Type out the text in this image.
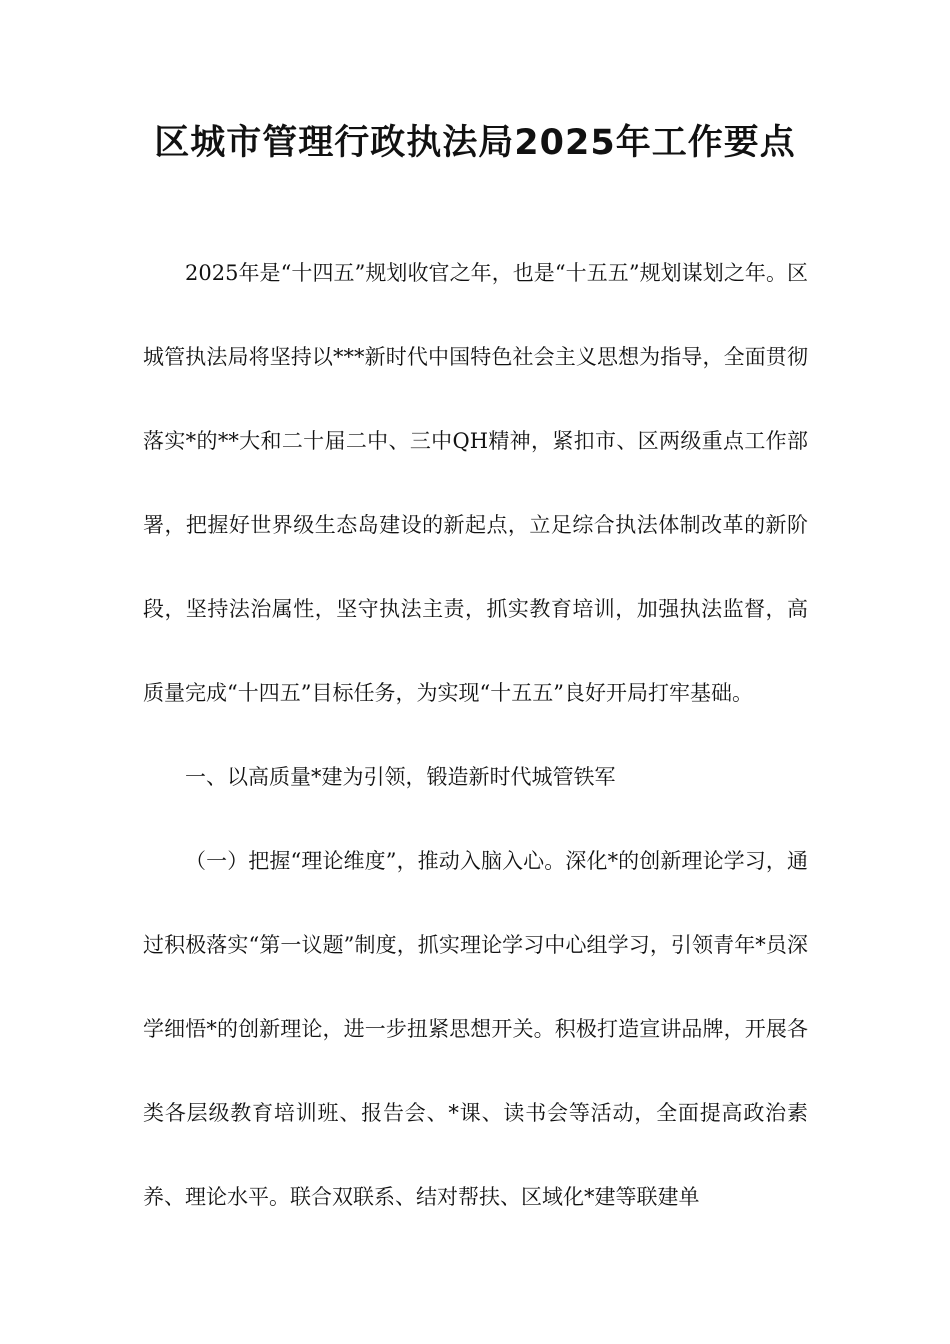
区城市管理行政执法局2025年工作要点

2025年是“十四五”规划收官之年，也是“十五五”规划谋划之年。区城管执法局将坚持以***新时代中国特色社会主义思想为指导，全面贯彻落实*的**大和二十届二中、三中QH精神，紧扣市、区两级重点工作部署，把握好世界级生态岛建设的新起点，立足综合执法体制改革的新阶段，坚持法治属性，坚守执法主责，抓实教育培训，加强执法监督，高质量完成“十四五”目标任务，为实现“十五五”良好开局打牢基础。

一、以高质量*建为引领，锻造新时代城管铁军

（一）把握“理论维度”，推动入脑入心。深化*的创新理论学习，通过积极落实“第一议题”制度，抓实理论学习中心组学习，引领青年*员深学细悟*的创新理论，进一步扭紧思想开关。积极打造宣讲品牌，开展各类各层级教育培训班、报告会、*课、读书会等活动，全面提高政治素养、理论水平。联合双联系、结对帮扶、区域化*建等联建单
